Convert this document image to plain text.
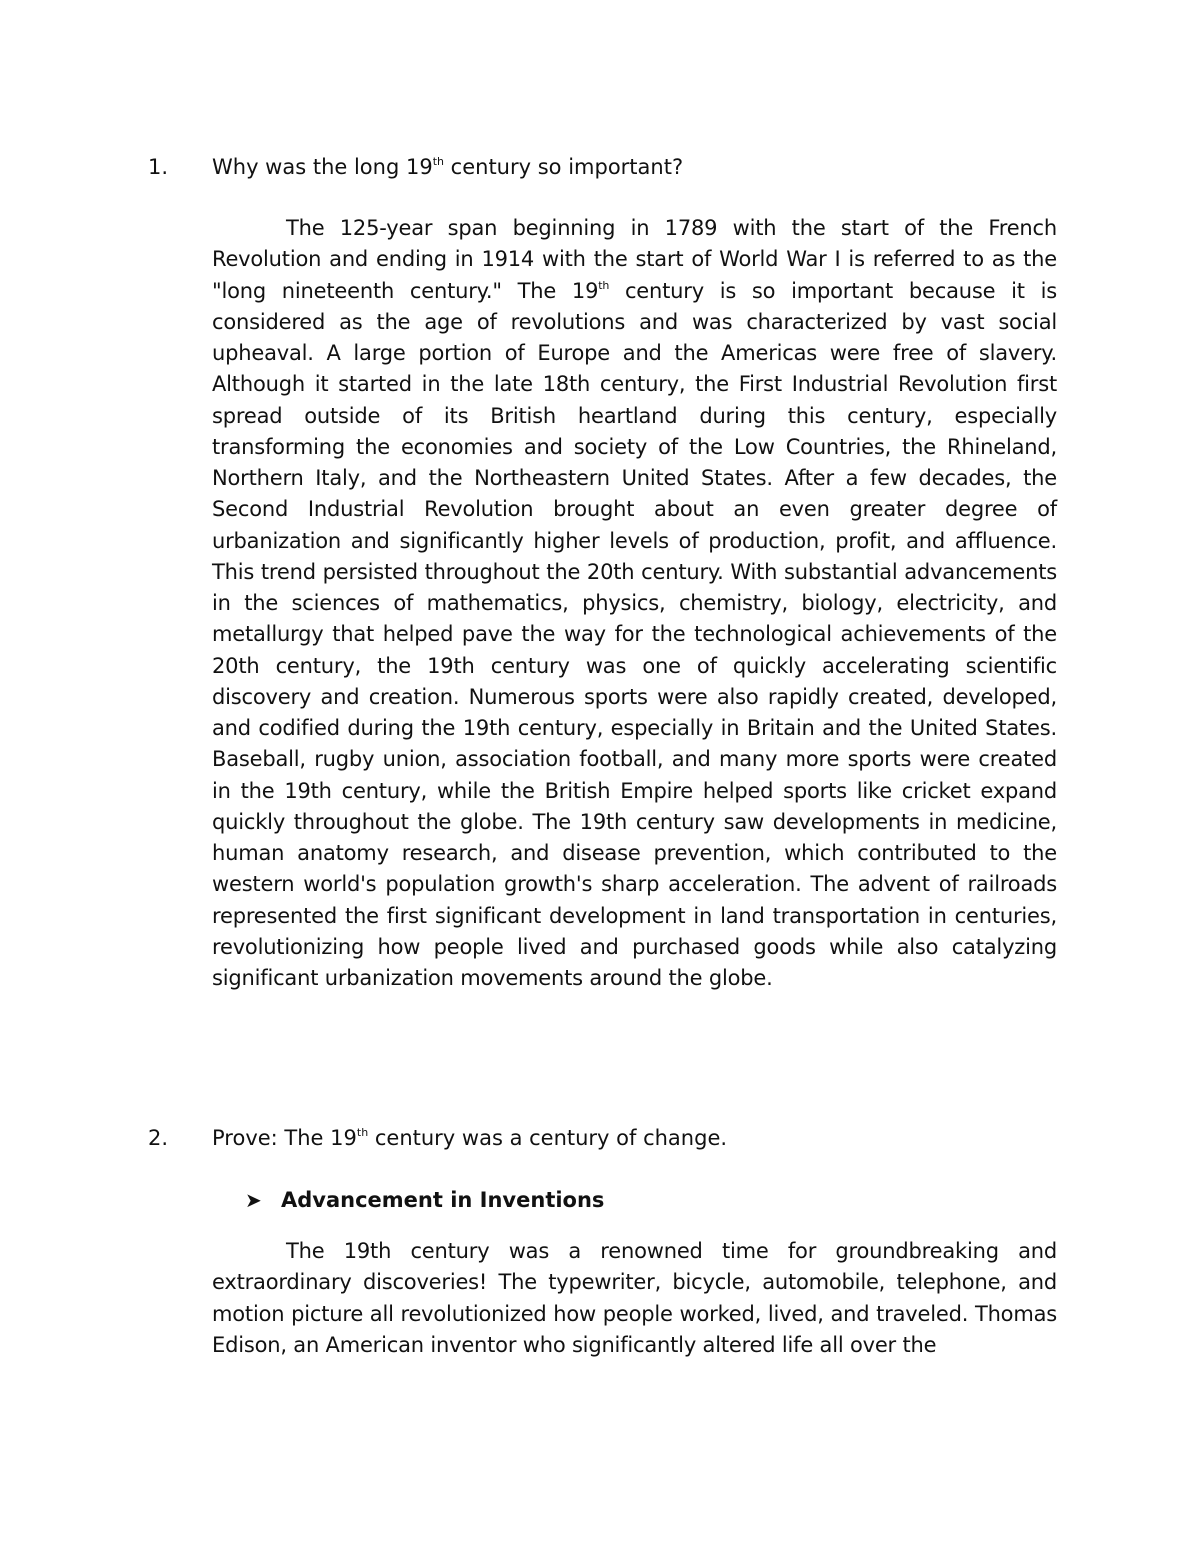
1. Why was the long 19th century so important?

The 125-year span beginning in 1789 with the start of the French Revolution and ending in 1914 with the start of World War I is referred to as the "long nineteenth century." The 19th century is so important because it is considered as the age of revolutions and was characterized by vast social upheaval. A large portion of Europe and the Americas were free of slavery. Although it started in the late 18th century, the First Industrial Revolution first spread outside of its British heartland during this century, especially transforming the economies and society of the Low Countries, the Rhineland, Northern Italy, and the Northeastern United States. After a few decades, the Second Industrial Revolution brought about an even greater degree of urbanization and significantly higher levels of production, profit, and affluence. This trend persisted throughout the 20th century. With substantial advancements in the sciences of mathematics, physics, chemistry, biology, electricity, and metallurgy that helped pave the way for the technological achievements of the 20th century, the 19th century was one of quickly accelerating scientific discovery and creation. Numerous sports were also rapidly created, developed, and codified during the 19th century, especially in Britain and the United States. Baseball, rugby union, association football, and many more sports were created in the 19th century, while the British Empire helped sports like cricket expand quickly throughout the globe. The 19th century saw developments in medicine, human anatomy research, and disease prevention, which contributed to the western world's population growth's sharp acceleration. The advent of railroads represented the first significant development in land transportation in centuries, revolutionizing how people lived and purchased goods while also catalyzing significant urbanization movements around the globe.

2. Prove: The 19th century was a century of change.
➤ Advancement in Inventions

The 19th century was a renowned time for groundbreaking and extraordinary discoveries! The typewriter, bicycle, automobile, telephone, and motion picture all revolutionized how people worked, lived, and traveled. Thomas Edison, an American inventor who significantly altered life all over the
